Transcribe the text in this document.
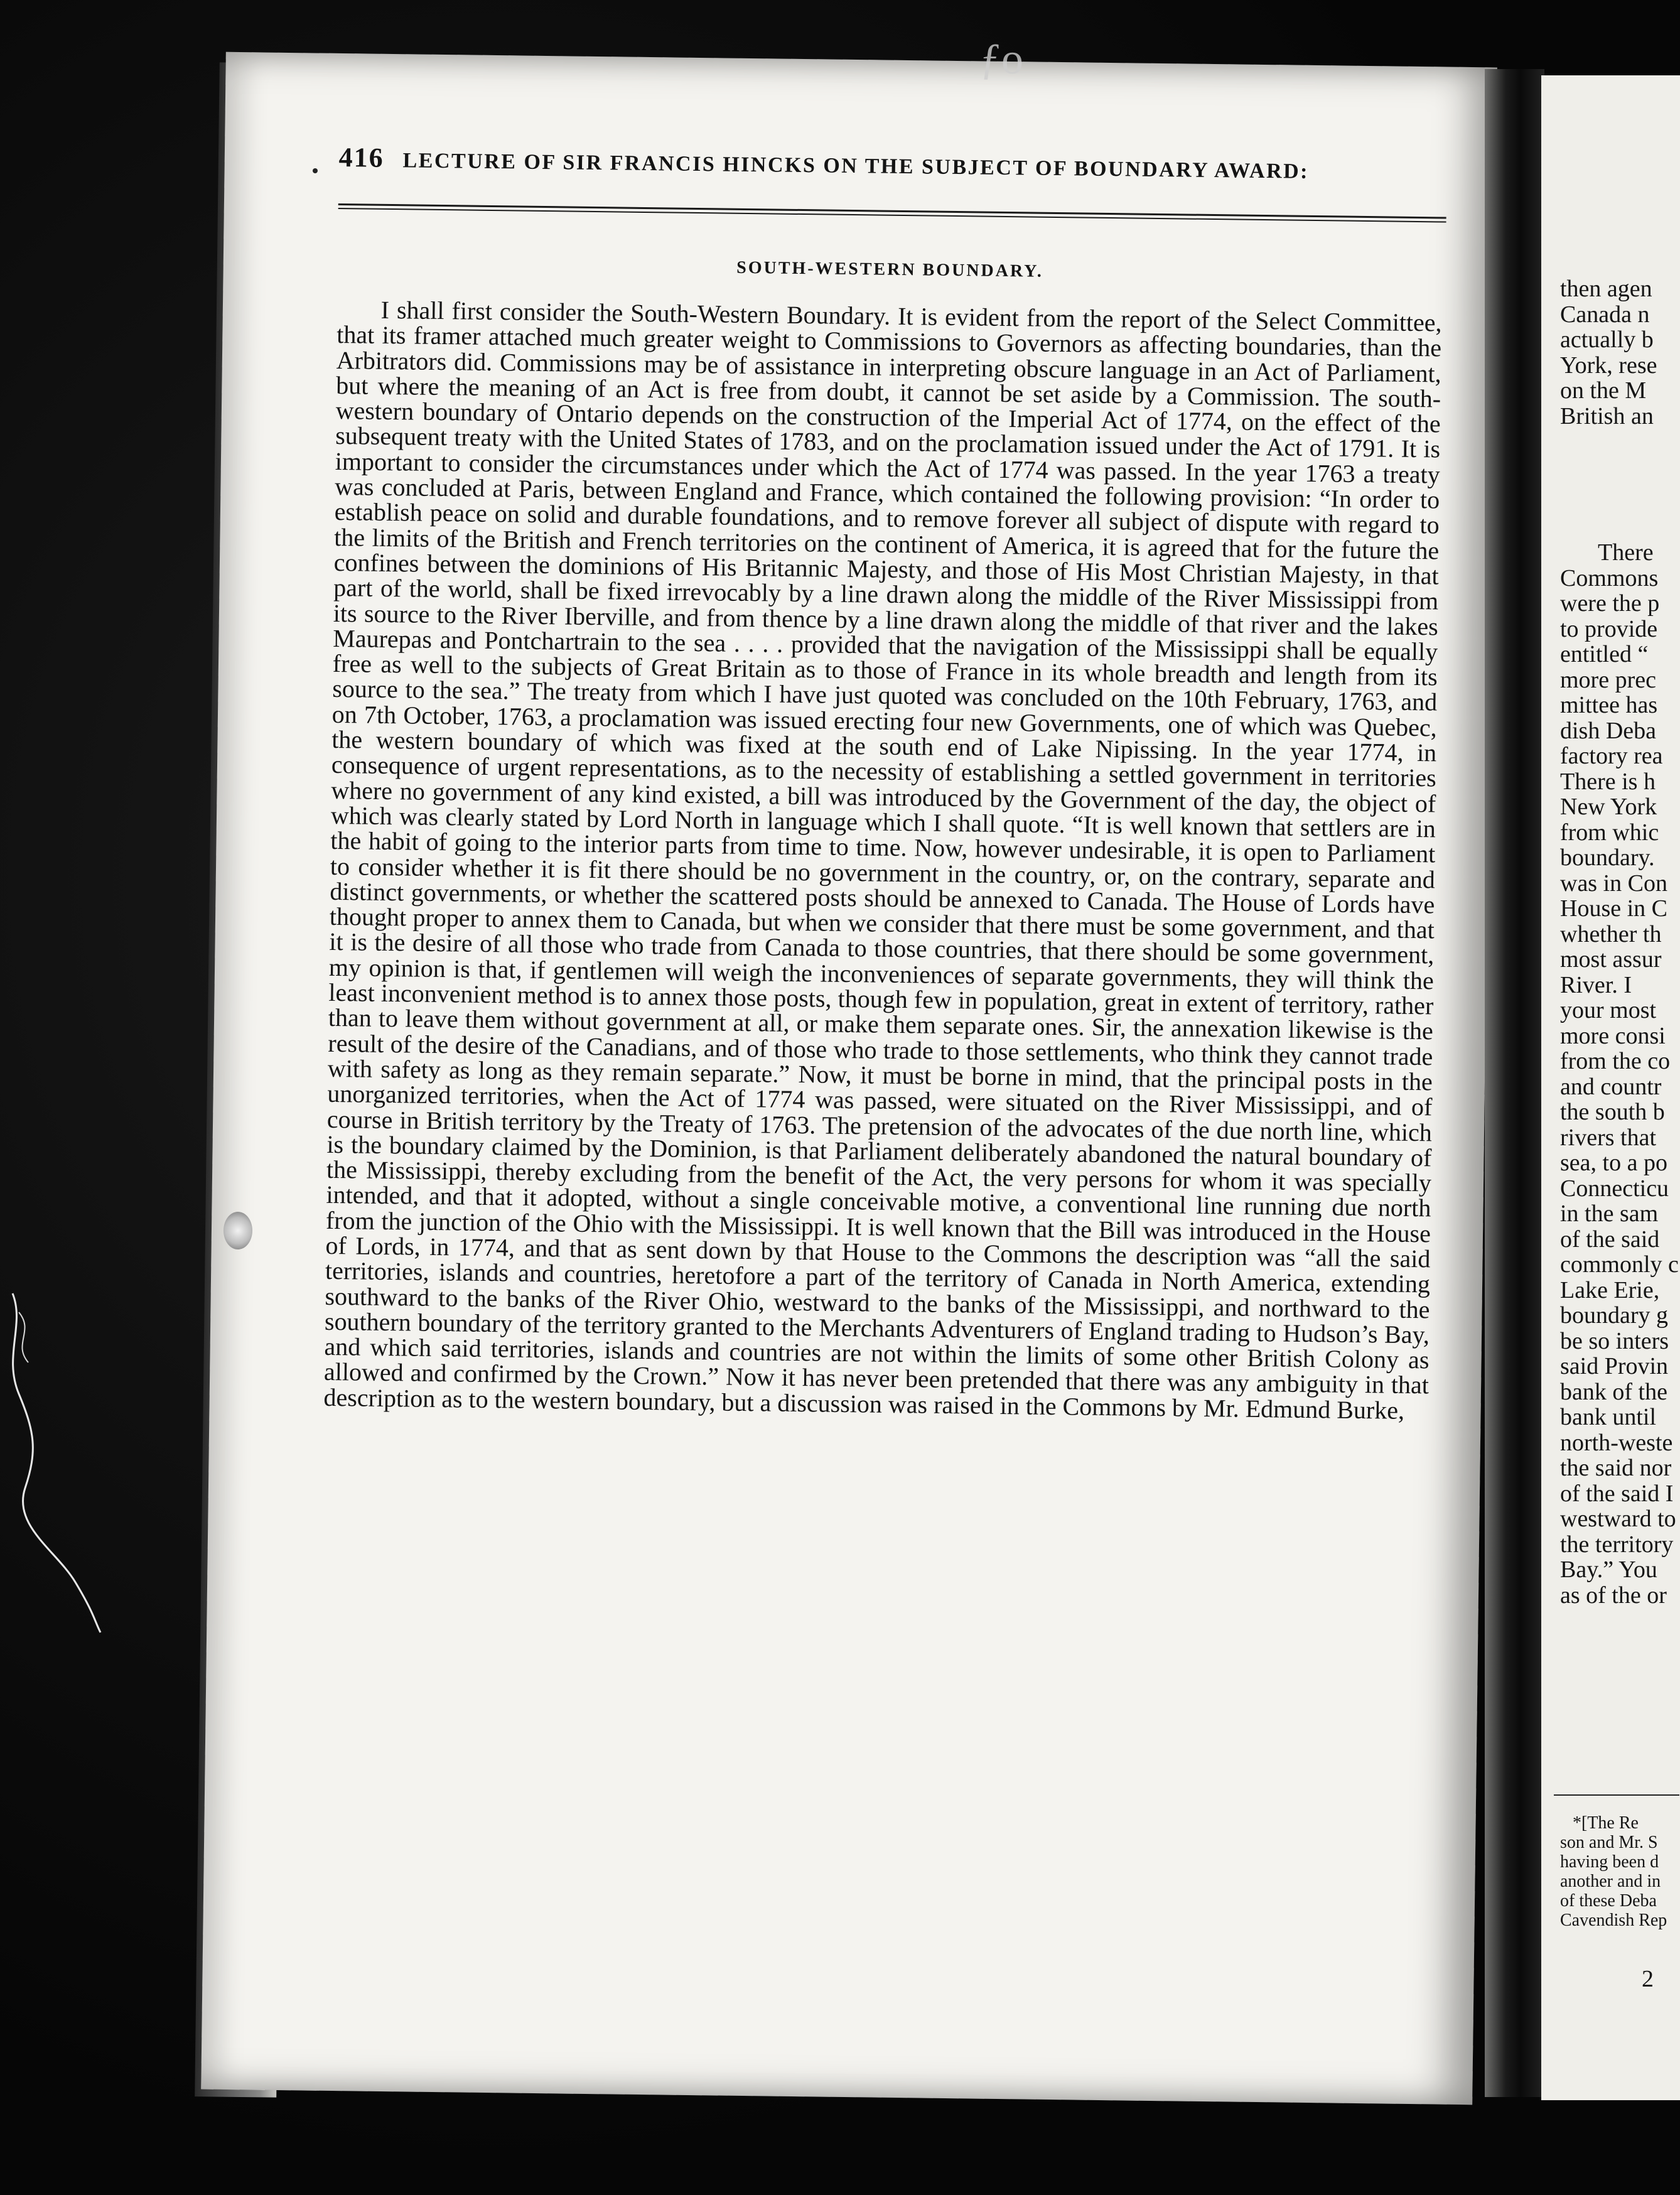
ƒo
416 LECTURE OF SIR FRANCIS HINCKS ON THE SUBJECT OF BOUNDARY AWARD:
SOUTH-WESTERN BOUNDARY.
I shall first consider the South-Western Boundary. It is evident from the report of the Select Committee, that its framer attached much greater weight to Commissions to Governors as affecting boundaries, than the Arbitrators did. Commissions may be of assistance in interpreting obscure language in an Act of Parliament, but where the meaning of an Act is free from doubt, it cannot be set aside by a Commission. The south-western boundary of Ontario depends on the construction of the Imperial Act of 1774, on the effect of the subsequent treaty with the United States of 1783, and on the proclamation issued under the Act of 1791. It is important to consider the circumstances under which the Act of 1774 was passed. In the year 1763 a treaty was concluded at Paris, between England and France, which contained the following provision: “In order to establish peace on solid and durable foundations, and to remove forever all subject of dispute with regard to the limits of the British and French territories on the continent of America, it is agreed that for the future the confines between the dominions of His Britannic Majesty, and those of His Most Christian Majesty, in that part of the world, shall be fixed irrevocably by a line drawn along the middle of the River Mississippi from its source to the River Iberville, and from thence by a line drawn along the middle of that river and the lakes Maurepas and Pontchartrain to the sea . . . . provided that the navigation of the Mississippi shall be equally free as well to the subjects of Great Britain as to those of France in its whole breadth and length from its source to the sea.” The treaty from which I have just quoted was concluded on the 10th February, 1763, and on 7th October, 1763, a proclamation was issued erecting four new Governments, one of which was Quebec, the western boundary of which was fixed at the south end of Lake Nipissing. In the year 1774, in consequence of urgent representations, as to the necessity of establishing a settled government in territories where no government of any kind existed, a bill was introduced by the Government of the day, the object of which was clearly stated by Lord North in language which I shall quote. “It is well known that settlers are in the habit of going to the interior parts from time to time. Now, however undesirable, it is open to Parliament to consider whether it is fit there should be no government in the country, or, on the contrary, separate and distinct governments, or whether the scattered posts should be annexed to Canada. The House of Lords have thought proper to annex them to Canada, but when we consider that there must be some government, and that it is the desire of all those who trade from Canada to those countries, that there should be some government, my opinion is that, if gentlemen will weigh the inconveniences of separate governments, they will think the least inconvenient method is to annex those posts, though few in population, great in extent of territory, rather than to leave them without government at all, or make them separate ones. Sir, the annexation likewise is the result of the desire of the Canadians, and of those who trade to those settlements, who think they cannot trade with safety as long as they remain separate.” Now, it must be borne in mind, that the principal posts in the unorganized territories, when the Act of 1774 was passed, were situated on the River Mississippi, and of course in British territory by the Treaty of 1763. The pretension of the advocates of the due north line, which is the boundary claimed by the Dominion, is that Parliament deliberately abandoned the natural boundary of the Mississippi, thereby excluding from the benefit of the Act, the very persons for whom it was specially intended, and that it adopted, without a single conceivable motive, a conventional line running due north from the junction of the Ohio with the Mississippi. It is well known that the Bill was introduced in the House of Lords, in 1774, and that as sent down by that House to the Commons the description was “all the said territories, islands and countries, heretofore a part of the territory of Canada in North America, extending southward to the banks of the River Ohio, westward to the banks of the Mississippi, and northward to the southern boundary of the territory granted to the Merchants Adventurers of England trading to Hudson’s Bay, and which said territories, islands and countries are not within the limits of some other British Colony as allowed and confirmed by the Crown.” Now it has never been pretended that there was any ambiguity in that description as to the western boundary, but a discussion was raised in the Commons by Mr. Edmund Burke,
then agen
Canada n
actually b
York, rese
on the M
British an
There
Commons
were the p
to provide
entitled “
more prec
mittee has
dish Deba
factory rea
There is h
New York
from whic
boundary.
was in Con
House in C
whether th
most assur
River. I
your most
more consi
from the co
and countr
the south b
rivers that
sea, to a po
Connecticu
in the sam
of the said
commonly c
Lake Erie,
boundary g
be so inters
said Provin
bank of the
bank until
north-weste
the said nor
of the said I
westward to
the territory
Bay.” You
as of the or
*[The Re
son and Mr. S
having been d
another and in
of these Deba
Cavendish Rep
2
